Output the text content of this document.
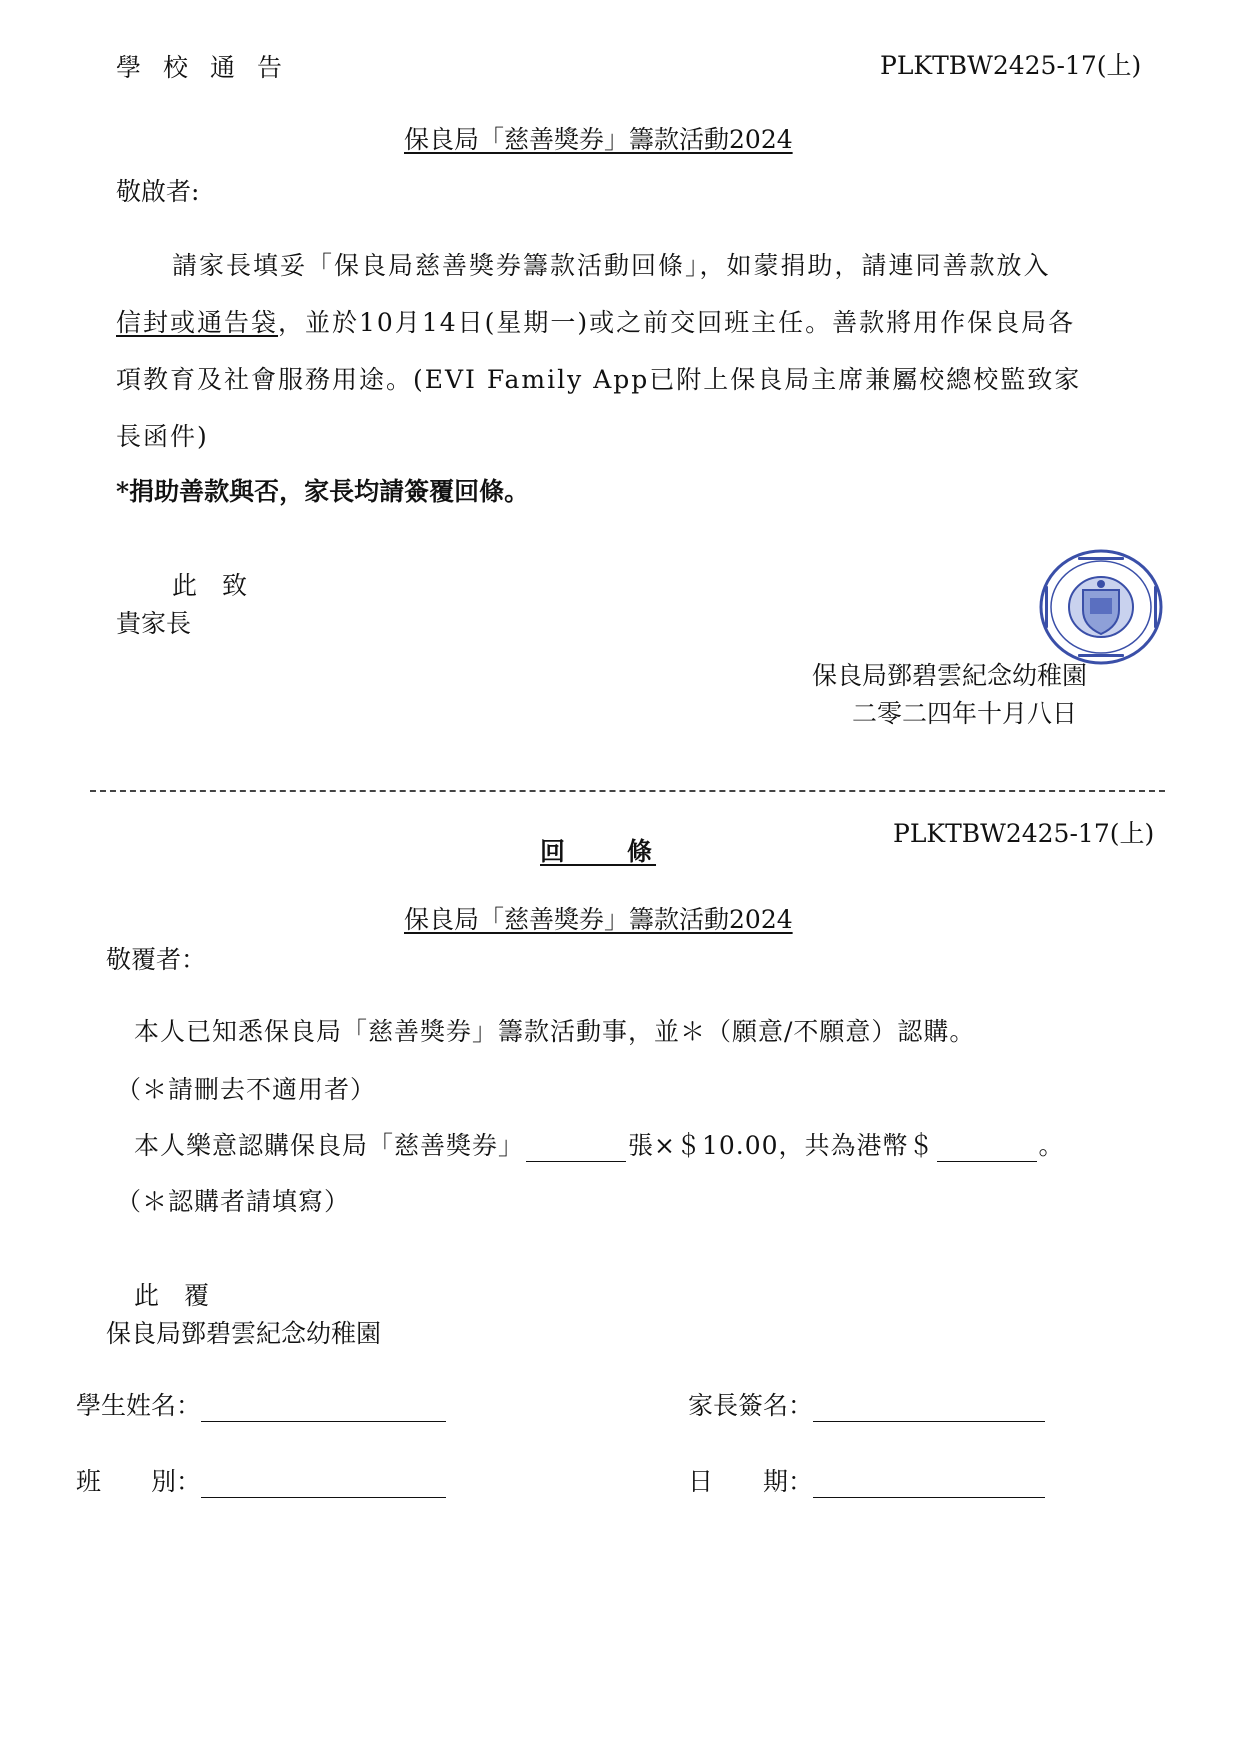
學校通告	PLKTBW2425-17(上)
保良局「慈善獎券」籌款活動2024
敬啟者:
請家長填妥「保良局慈善獎券籌款活動回條」，如蒙捐助，請連同善款放入
信封或通告袋，並於10月14日(星期一)或之前交回班主任。善款將用作保良局各
項教育及社會服務用途。(EVI Family App已附上保良局主席兼屬校總校監致家
長函件)
*捐助善款與否，家長均請簽覆回條。
此　致
貴家長
保良局鄧碧雲紀念幼稚園
二零二四年十月八日
PLKTBW2425-17(上)
回　　條
保良局「慈善獎券」籌款活動2024
敬覆者：
本人已知悉保良局「慈善獎券」籌款活動事，並＊（願意/不願意）認購。
（＊請刪去不適用者）
本人樂意認購保良局「慈善獎券」	張×＄10.00，共為港幣＄	。
（＊認購者請填寫）
此　覆
保良局鄧碧雲紀念幼稚園
學生姓名：	家長簽名：
班　　別：	日　　期：
